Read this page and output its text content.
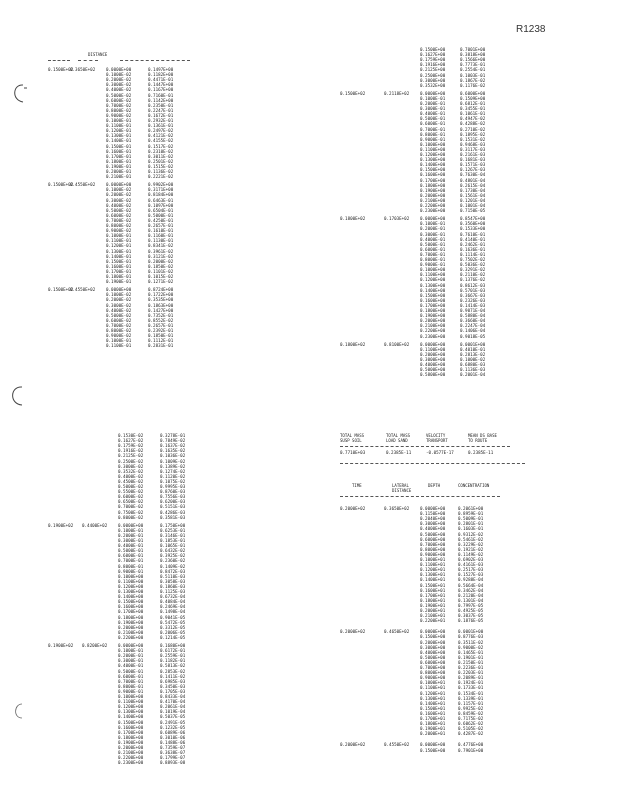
R1238
DISTANCE
0.1500E+02
0.3650E+02	0.0000E+00	0.1497E+00
0.1000E-02	0.1182E+00
0.2000E-02	0.4471E-01
0.3000E-02	0.1447E+00
0.4000E-02	0.1167E+00
0.5000E-02	0.7160E-01
0.6000E-02	0.1142E+00
0.7000E-02	0.2350E-01
0.8000E-02	0.2247E-01
0.9000E-02	0.1672E-01
0.1000E-01	0.2932E-01
0.1100E-01	0.1361E-01
0.1200E-01	0.2497E-02
0.1300E-01	0.4121E-02
0.1400E-01	0.4155E-02
0.1500E-01	0.1517E-02
0.1600E-01	0.2310E-02
0.1700E-01	0.3011E-02
0.1800E-01	0.2501E-02
0.1900E-01	0.1515E-02
0.2000E-01	0.1136E-02
0.2100E-01	0.2221E-02
0.1500E+02
0.4550E+02	0.0000E+00	0.9902E+00
0.1000E-02	0.3171E+00
0.2000E-02	0.8184E+00
0.3000E-02	0.6463E-01
0.4000E-02	0.1097E+00
0.5000E-02	0.6504E-01
0.6000E-02	0.5000E-01
0.7000E-02	0.4250E-01
0.8000E-02	0.2657E-01
0.9000E-02	0.1610E-01
0.1000E-01	0.1160E-01
0.1100E-01	0.1130E-01
0.1200E-01	0.8341E-02
0.1300E-01	0.3961E-02
0.1400E-01	0.3121E-02
0.1500E-01	0.2000E-02
0.1600E-01	0.1850E-02
0.1700E-01	0.1101E-02
0.1800E-01	0.1015E-02
0.1900E-01	0.1271E-02
0.1500E+02
0.4550E+02	0.0000E+00	0.8724E+00
0.1000E-02	0.1722E+00
0.2000E-02	0.3535E+00
0.3000E-02	0.1863E+00
0.4000E-02	0.1427E+00
0.5000E-02	0.7352E-01
0.6000E-02	0.8552E-02
0.7000E-02	0.2657E-01
0.8000E-02	0.2392E-01
0.9000E-02	0.1850E-01
0.1000E-01	0.1112E-01
0.1100E-01	0.2831E-01
0.1500E+00	0.7001E+00
0.1627E+00	0.3818E+00
0.1759E+00	0.1566E+00
0.1916E+00	0.7773E-01
0.2125E+00	0.2554E-01
0.2500E+00	0.1003E-01
0.3000E+00	0.1867E-02
0.3532E+00	0.1176E-02
0.1500E+02	0.2118E+02	0.0000E+00	0.6000E+00
0.1000E-01	0.1509E+00
0.2000E-01	0.6812E-01
0.3000E-01	0.3455E-01
0.4000E-01	0.1061E-01
0.5000E-01	0.4947E-02
0.6000E-01	0.4288E-02
0.7000E-01	0.2710E-02
0.8000E-01	0.1895E-02
0.9000E-01	0.1531E-02
0.1000E+00	0.9468E-03
0.1100E+00	0.3117E-03
0.1200E+00	0.2161E-03
0.1300E+00	0.1681E-03
0.1400E+00	0.1571E-03
0.1500E+00	0.1267E-03
0.1600E+00	0.7630E-04
0.1700E+00	0.4801E-04
0.1800E+00	0.2615E-04
0.1900E+00	0.1730E-04
0.2000E+00	0.1561E-04
0.2100E+00	0.1201E-04
0.2200E+00	0.1001E-04
0.2300E+00	0.7150E-05
0.1800E+02	0.1703E+02	0.0000E+00	0.8547E+00
0.1000E-01	0.3560E+00
0.2000E-01	0.1533E+00
0.3000E-01	0.7610E-01
0.4000E-01	0.4140E-01
0.5000E-01	0.2462E-01
0.6000E-01	0.1636E-01
0.7000E-01	0.1114E-01
0.8000E-01	0.7502E-02
0.9000E-01	0.5036E-02
0.1000E+00	0.3291E-02
0.1100E+00	0.2110E-02
0.1200E+00	0.1376E-02
0.1300E+00	0.8612E-03
0.1400E+00	0.5701E-03
0.1500E+00	0.3667E-03
0.1600E+00	0.2326E-03
0.1700E+00	0.1414E-03
0.1800E+00	0.9071E-04
0.1900E+00	0.5880E-04
0.2000E+00	0.3660E-04
0.2100E+00	0.2247E-04
0.2200E+00	0.1406E-04
0.2300E+00	0.9018E-05
0.1800E+02	0.8100E+02	0.0000E+00	0.0001E+00
0.1100E+00	0.4010E-01
0.2000E+00	0.2813E-02
0.3000E+00	0.1000E-02
0.4000E+00	0.6880E-03
0.5000E+00	0.1136E-03
0.5800E+00	0.2001E-04
0.1530E-02	0.3278E-01
0.1627E-02	0.7849E-02
0.1759E-02	0.1637E-02
0.1916E-02	0.1635E-02
0.2125E-02	0.1036E-02
0.2500E-02	0.1009E-02
0.3000E-02	0.1389E-02
0.3532E-02	0.1274E-02
0.4000E-02	0.1120E-02
0.4500E-02	0.1075E-02
0.5000E-02	0.9995E-03
0.5500E-02	0.8760E-03
0.6000E-02	0.7556E-03
0.6500E-02	0.6200E-03
0.7000E-02	0.5151E-03
0.7500E-02	0.4286E-03
0.8000E-02	0.3581E-03
0.1900E+02 0.4400E+02	0.0000E+00	0.1750E+00
0.1000E-01	0.6253E-01
0.2000E-01	0.3146E-01
0.3000E-01	0.1853E-01
0.4000E-01	0.1065E-01
0.5000E-01	0.6432E-02
0.6000E-01	0.3925E-02
0.7000E-01	0.2360E-02
0.8000E-01	0.1409E-02
0.9000E-01	0.8472E-03
0.1000E+00	0.5110E-03
0.1100E+00	0.3058E-03
0.1200E+00	0.1860E-03
0.1300E+00	0.1125E-03
0.1400E+00	0.6732E-04
0.1500E+00	0.4084E-04
0.1600E+00	0.2469E-04
0.1700E+00	0.1498E-04
0.1800E+00	0.9041E-05
0.1900E+00	0.5472E-05
0.2000E+00	0.3312E-05
0.2100E+00	0.2006E-05
0.2200E+00	0.1214E-05
0.1900E+02 0.8200E+02	0.0000E+00	0.1680E+00
0.1000E-01	0.6172E-01
0.2000E-01	0.2559E-01
0.3000E-01	0.1182E-01
0.4000E-01	0.5813E-02
0.5000E-01	0.2853E-02
0.6000E-01	0.1411E-02
0.7000E-01	0.6985E-03
0.8000E-01	0.3450E-03
0.9000E-01	0.1705E-03
0.1000E+00	0.8433E-04
0.1100E+00	0.4170E-04
0.1200E+00	0.2061E-04
0.1300E+00	0.1019E-04
0.1400E+00	0.5037E-05
0.1500E+00	0.2491E-05
0.1600E+00	0.1232E-05
0.1700E+00	0.6089E-06
0.1800E+00	0.3010E-06
0.1900E+00	0.1488E-06
0.2000E+00	0.7359E-07
0.2100E+00	0.3638E-07
0.2200E+00	0.1799E-07
0.2300E+00	0.8893E-08
TOTAL MASS	TOTAL MASS	VELOCITY	MEAN DS BASE
SUSP SOIL	LOAD SAND	TRANSPORT	TO ROUTE
0.7710E+03	0.2385E-11	-0.0577E-17	0.2385E-11
TIME	LATERAL	DEPTH	CONCENTRATION
DISTANCE
0.2000E+02	0.3650E+02	0.0000E+00	0.2061E+00
0.1150E+00	0.8959E-01
0.2040E+00	0.5009E-01
0.3000E+00	0.2801E-01
0.4000E+00	0.1603E-01
0.5000E+00	0.9312E-02
0.6000E+00	0.5461E-02
0.7000E+00	0.3229E-02
0.8000E+00	0.1921E-02
0.9000E+00	0.1149E-02
0.1000E+01	0.6902E-03
0.1100E+01	0.4161E-03
0.1200E+01	0.2517E-03
0.1300E+01	0.1527E-03
0.1400E+01	0.9288E-04
0.1500E+01	0.5664E-04
0.1600E+01	0.3462E-04
0.1700E+01	0.2120E-04
0.1800E+01	0.1301E-04
0.1900E+01	0.7997E-05
0.2000E+01	0.4925E-05
0.2100E+01	0.3037E-05
0.2200E+01	0.1876E-05
0.2000E+02	0.4650E+02	0.0000E+00	0.0001E+00
0.1500E+00	0.8776E-03
0.2000E+00	0.3511E-02
0.3000E+00	0.9000E-02
0.4000E+00	0.1465E-01
0.5000E+00	0.1901E-01
0.6000E+00	0.2150E-01
0.7000E+00	0.2236E-01
0.8000E+00	0.2203E-01
0.9000E+00	0.2089E-01
0.1000E+01	0.1924E-01
0.1100E+01	0.1733E-01
0.1200E+01	0.1534E-01
0.1300E+01	0.1339E-01
0.1400E+01	0.1157E-01
0.1500E+01	0.9925E-02
0.1600E+01	0.8459E-02
0.1700E+01	0.7175E-02
0.1800E+01	0.6062E-02
0.1900E+01	0.5105E-02
0.2000E+01	0.4287E-02
0.2000E+02	0.4550E+02	0.0000E+00	0.4776E+00
0.1500E+00	0.7901E+00
